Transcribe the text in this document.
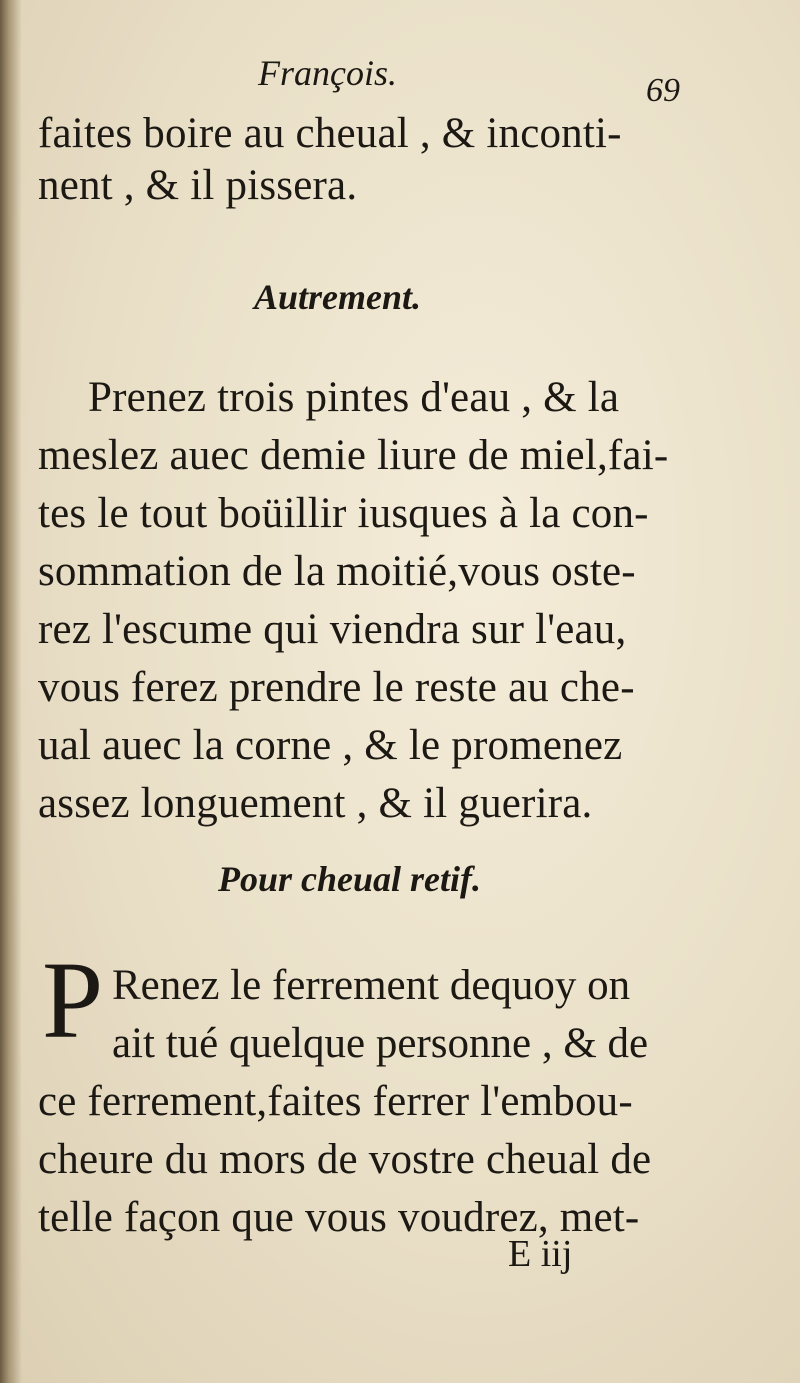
François.	69
faites boire au cheual , & inconti-
nent , & il pissera.
Autrement.
Prenez trois pintes d'eau , & la
meslez auec demie liure de miel,fai-
tes le tout boüillir iusques à la con-
sommation de la moitié,vous oste-
rez l'escume qui viendra sur l'eau,
vous ferez prendre le reste au che-
ual auec la corne , & le promenez
assez longuement , & il guerira.
Pour cheual retif.
P Renez le ferrement dequoy on
ait tué quelque personne , & de
ce ferrement,faites ferrer l'embou-
cheure du mors de vostre cheual de
telle façon que vous voudrez, met-
E iij
